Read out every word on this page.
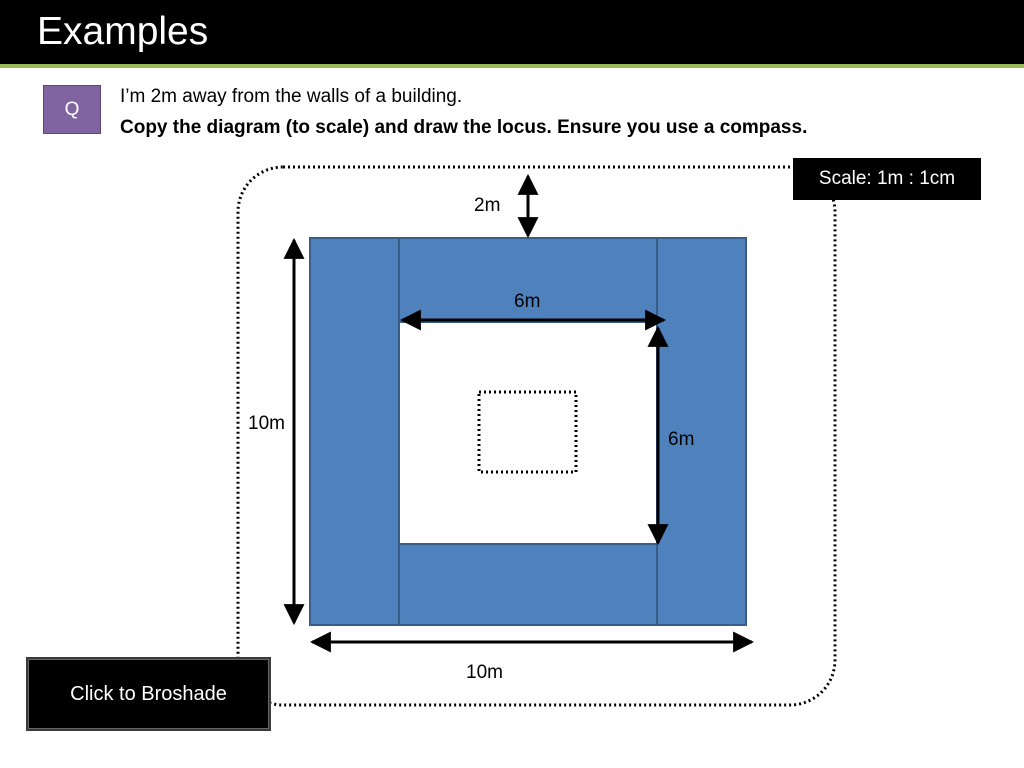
Examples
Q
I’m 2m away from the walls of a building.
Copy the diagram (to scale) and draw the locus. Ensure you use a compass.
2m
6m
10m
6m
10m
Scale: 1m : 1cm
Click to Broshade
